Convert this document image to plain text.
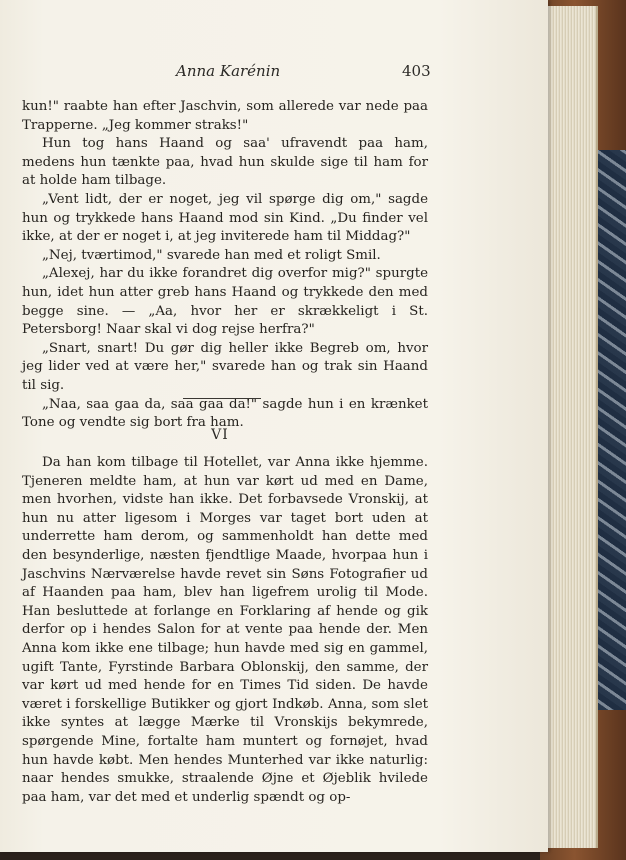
Anna Karénin	403

kun!" raabte han efter Jaschvin, som allerede var nede paa Trapperne. „Jeg kommer straks!"

Hun tog hans Haand og saa' ufravendt paa ham, medens hun tænkte paa, hvad hun skulde sige til ham for at holde ham tilbage.

„Vent lidt, der er noget, jeg vil spørge dig om," sagde hun og trykkede hans Haand mod sin Kind. „Du finder vel ikke, at der er noget i, at jeg inviterede ham til Middag?"

„Nej, tværtimod," svarede han med et roligt Smil.

„Alexej, har du ikke forandret dig overfor mig?" spurgte hun, idet hun atter greb hans Haand og trykkede den med begge sine. — „Aa, hvor her er skrækkeligt i St. Petersborg! Naar skal vi dog rejse herfra?"

„Snart, snart! Du gør dig heller ikke Begreb om, hvor jeg lider ved at være her," svarede han og trak sin Haand til sig.

„Naa, saa gaa da, saa gaa da!" sagde hun i en krænket Tone og vendte sig bort fra ham.

VI

Da han kom tilbage til Hotellet, var Anna ikke hjemme. Tjeneren meldte ham, at hun var kørt ud med en Dame, men hvorhen, vidste han ikke. Det forbavsede Vronskij, at hun nu atter ligesom i Morges var taget bort uden at underrette ham derom, og sammenholdt han dette med den besynderlige, næsten fjendtlige Maade, hvorpaa hun i Jaschvins Nærværelse havde revet sin Søns Fotografier ud af Haanden paa ham, blev han ligefrem urolig til Mode. Han besluttede at forlange en Forklaring af hende og gik derfor op i hendes Salon for at vente paa hende der. Men Anna kom ikke ene tilbage; hun havde med sig en gammel, ugift Tante, Fyrstinde Barbara Oblonskij, den samme, der var kørt ud med hende for en Times Tid siden. De havde været i forskellige Butikker og gjort Indkøb. Anna, som slet ikke syntes at lægge Mærke til Vronskijs bekymrede, spørgende Mine, fortalte ham muntert og fornøjet, hvad hun havde købt. Men hendes Munterhed var ikke naturlig: naar hendes smukke, straalende Øjne et Øjeblik hvilede paa ham, var det med et underlig spændt og op-
